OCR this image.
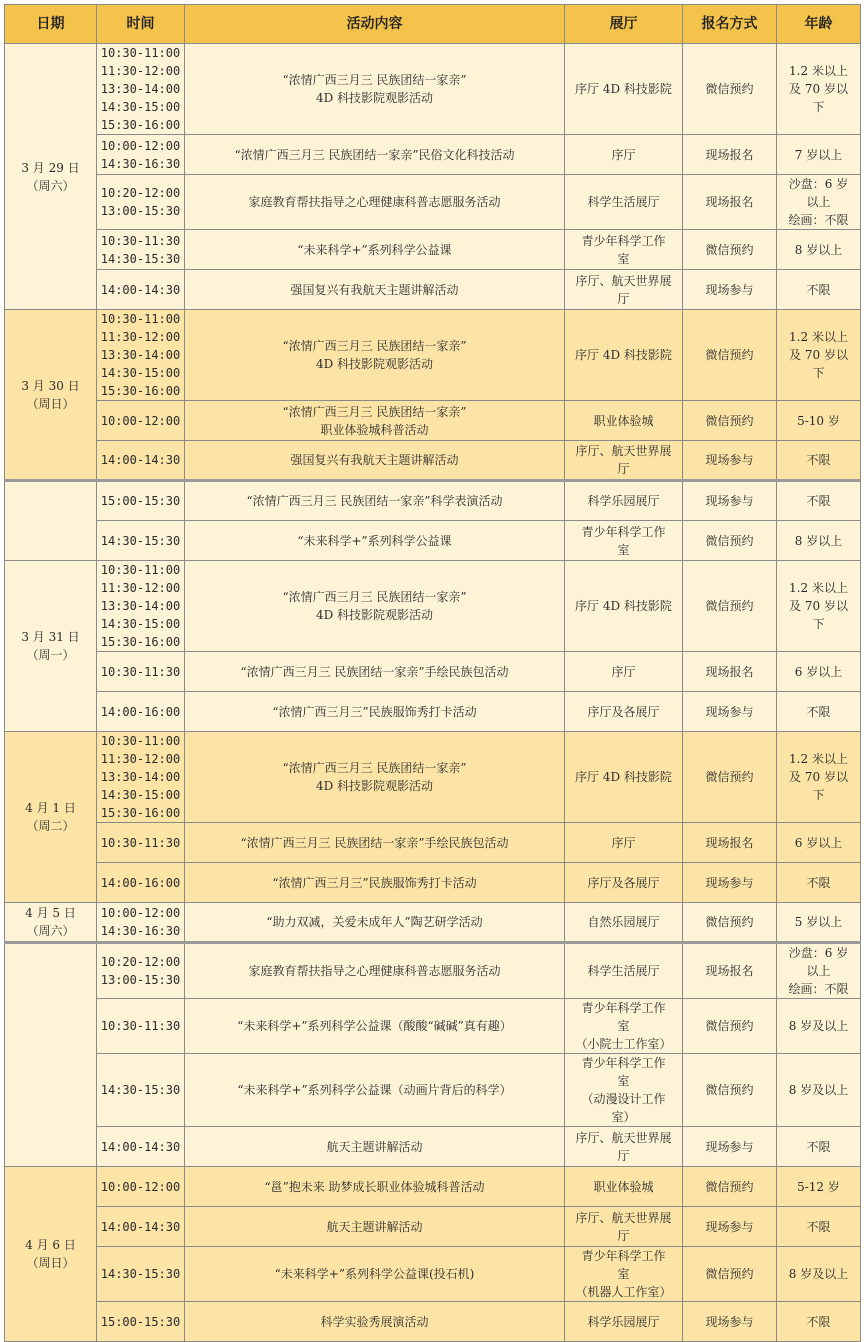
日期	时间	活动内容	展厅	报名方式	年龄

3 月 29 日
（周六）	10:30-11:00
11:30-12:00
13:30-14:00
14:30-15:00
15:30-16:00	“浓情广西三月三 民族团结一家亲”
4D 科技影院观影活动	序厅 4D 科技影院	微信预约	1.2 米以上
及 70 岁以
下

	10:00-12:00
14:30-16:30	“浓情广西三月三 民族团结一家亲”民俗文化科技活动	序厅	现场报名	7 岁以上

	10:20-12:00
13:00-15:30	家庭教育帮扶指导之心理健康科普志愿服务活动	科学生活展厅	现场报名	沙盘：6 岁
以上
绘画：不限

	10:30-11:30
14:30-15:30	“未来科学+”系列科学公益课	青少年科学工作
室	微信预约	8 岁以上

	14:00-14:30	强国复兴有我航天主题讲解活动	序厅、航天世界展
厅	现场参与	不限

3 月 30 日
（周日）	10:30-11:00
11:30-12:00
13:30-14:00
14:30-15:00
15:30-16:00	“浓情广西三月三 民族团结一家亲”
4D 科技影院观影活动	序厅 4D 科技影院	微信预约	1.2 米以上
及 70 岁以
下

	10:00-12:00	“浓情广西三月三 民族团结一家亲”
职业体验城科普活动	职业体验城	微信预约	5-10 岁

	14:00-14:30	强国复兴有我航天主题讲解活动	序厅、航天世界展
厅	现场参与	不限

	15:00-15:30	“浓情广西三月三 民族团结一家亲”科学表演活动	科学乐园展厅	现场参与	不限

	14:30-15:30	“未来科学+”系列科学公益课	青少年科学工作
室	微信预约	8 岁以上

3 月 31 日
（周一）	10:30-11:00
11:30-12:00
13:30-14:00
14:30-15:00
15:30-16:00	“浓情广西三月三 民族团结一家亲”
4D 科技影院观影活动	序厅 4D 科技影院	微信预约	1.2 米以上
及 70 岁以
下

	10:30-11:30	“浓情广西三月三 民族团结一家亲”手绘民族包活动	序厅	现场报名	6 岁以上

	14:00-16:00	“浓情广西三月三”民族服饰秀打卡活动	序厅及各展厅	现场参与	不限

4 月 1 日
（周二）	10:30-11:00
11:30-12:00
13:30-14:00
14:30-15:00
15:30-16:00	“浓情广西三月三 民族团结一家亲”
4D 科技影院观影活动	序厅 4D 科技影院	微信预约	1.2 米以上
及 70 岁以
下

	10:30-11:30	“浓情广西三月三 民族团结一家亲”手绘民族包活动	序厅	现场报名	6 岁以上

	14:00-16:00	“浓情广西三月三”民族服饰秀打卡活动	序厅及各展厅	现场参与	不限

4 月 5 日
（周六）	10:00-12:00
14:30-16:30	“助力双减，关爱未成年人”陶艺研学活动	自然乐园展厅	微信预约	5 岁以上

	10:20-12:00
13:00-15:30	家庭教育帮扶指导之心理健康科普志愿服务活动	科学生活展厅	现场报名	沙盘：6 岁
以上
绘画：不限

	10:30-11:30	“未来科学+”系列科学公益课（酸酸“碱碱”真有趣）	青少年科学工作
室
（小院士工作室）	微信预约	8 岁及以上

	14:30-15:30	“未来科学+”系列科学公益课（动画片背后的科学）	青少年科学工作
室
（动漫设计工作
室）	微信预约	8 岁及以上

	14:00-14:30	航天主题讲解活动	序厅、航天世界展
厅	现场参与	不限

4 月 6 日
（周日）	10:00-12:00	“邕”抱未来 助梦成长职业体验城科普活动	职业体验城	微信预约	5-12 岁

	14:00-14:30	航天主题讲解活动	序厅、航天世界展
厅	现场参与	不限

	14:30-15:30	“未来科学+”系列科学公益课(投石机)	青少年科学工作
室
（机器人工作室）	微信预约	8 岁及以上

	15:00-15:30	科学实验秀展演活动	科学乐园展厅	现场参与	不限
